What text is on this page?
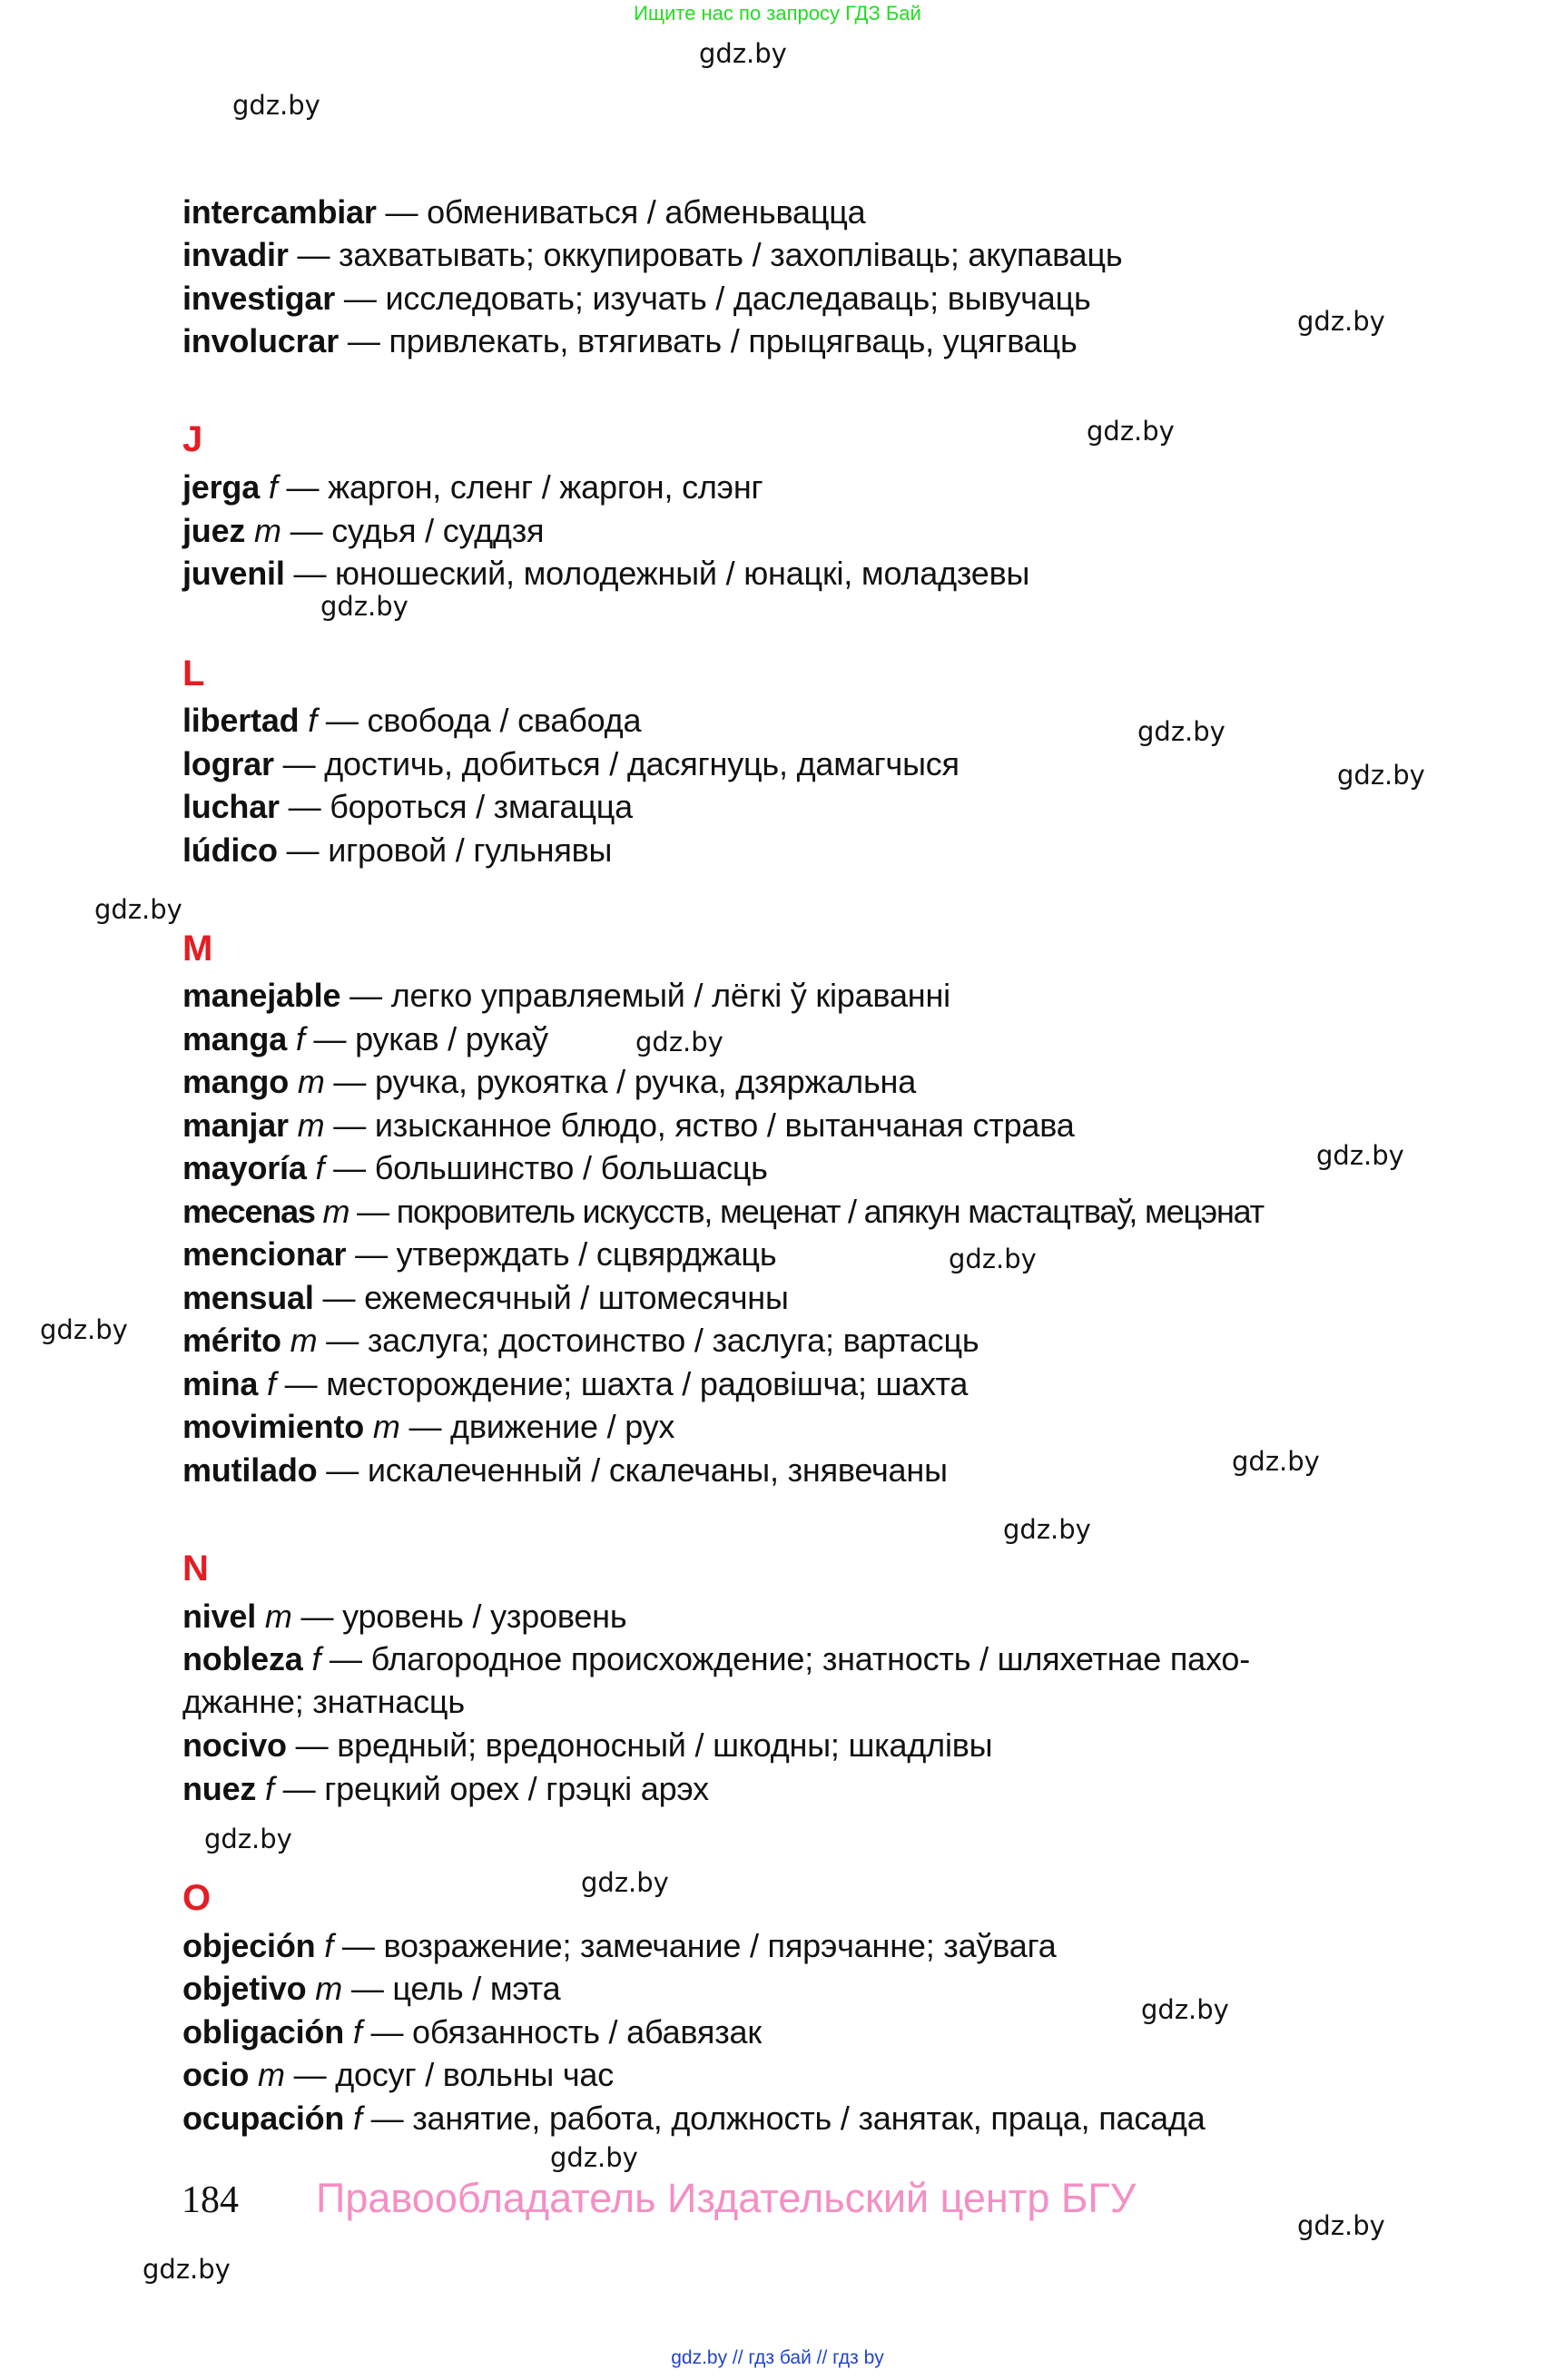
Ищите нас по запросу ГДЗ Бай
gdz.by
gdz.by
gdz.by
gdz.by
gdz.by
gdz.by
gdz.by
gdz.by
gdz.by
gdz.by
gdz.by
gdz.by
gdz.by
gdz.by
gdz.by
gdz.by
gdz.by
gdz.by
gdz.by
gdz.by
intercambiar — обмениваться / абменьвацца
invadir — захватывать; оккупировать / захопліваць; акупаваць
investigar — исследовать; изучать / даследаваць; вывучаць
involucrar — привлекать, втягивать / прыцягваць, уцягваць
J
jerga f — жаргон, сленг / жаргон, слэнг
juez m — судья / суддзя
juvenil — юношеский, молодежный / юнацкі, моладзевы
L
libertad f — свобода / свабода
lograr — достичь, добиться / дасягнуць, дамагчыся
luchar — бороться / змагацца
lúdico — игровой / гульнявы
M
manejable — легко управляемый / лёгкі ў кіраванні
manga f — рукав / рукаў
mango m — ручка, рукоятка / ручка, дзяржальна
manjar m — изысканное блюдо, яство / вытанчаная страва
mayoría f — большинство / большасць
mecenas m — покровитель искусств, меценат / апякун мастацтваў, мецэнат
mencionar — утверждать / сцвярджаць
mensual — ежемесячный / штомесячны
mérito m — заслуга; достоинство / заслуга; вартасць
mina f — месторождение; шахта / радовішча; шахта
movimiento m — движение / рух
mutilado — искалеченный / скалечаны, знявечаны
N
nivel m — уровень / узровень
nobleza f — благородное происхождение; знатность / шляхетнае пахо-
джанне; знатнасць
nocivo — вредный; вредоносный / шкодны; шкадлівы
nuez f — грецкий орех / грэцкі арэх
O
objeción f — возражение; замечание / пярэчанне; заўвага
objetivo m — цель / мэта
obligación f — обязанность / абавязак
ocio m — досуг / вольны час
ocupación f — занятие, работа, должность / занятак, праца, пасада
184 Правообладатель Издательский центр БГУ
gdz.by // гдз бай // гдз by
